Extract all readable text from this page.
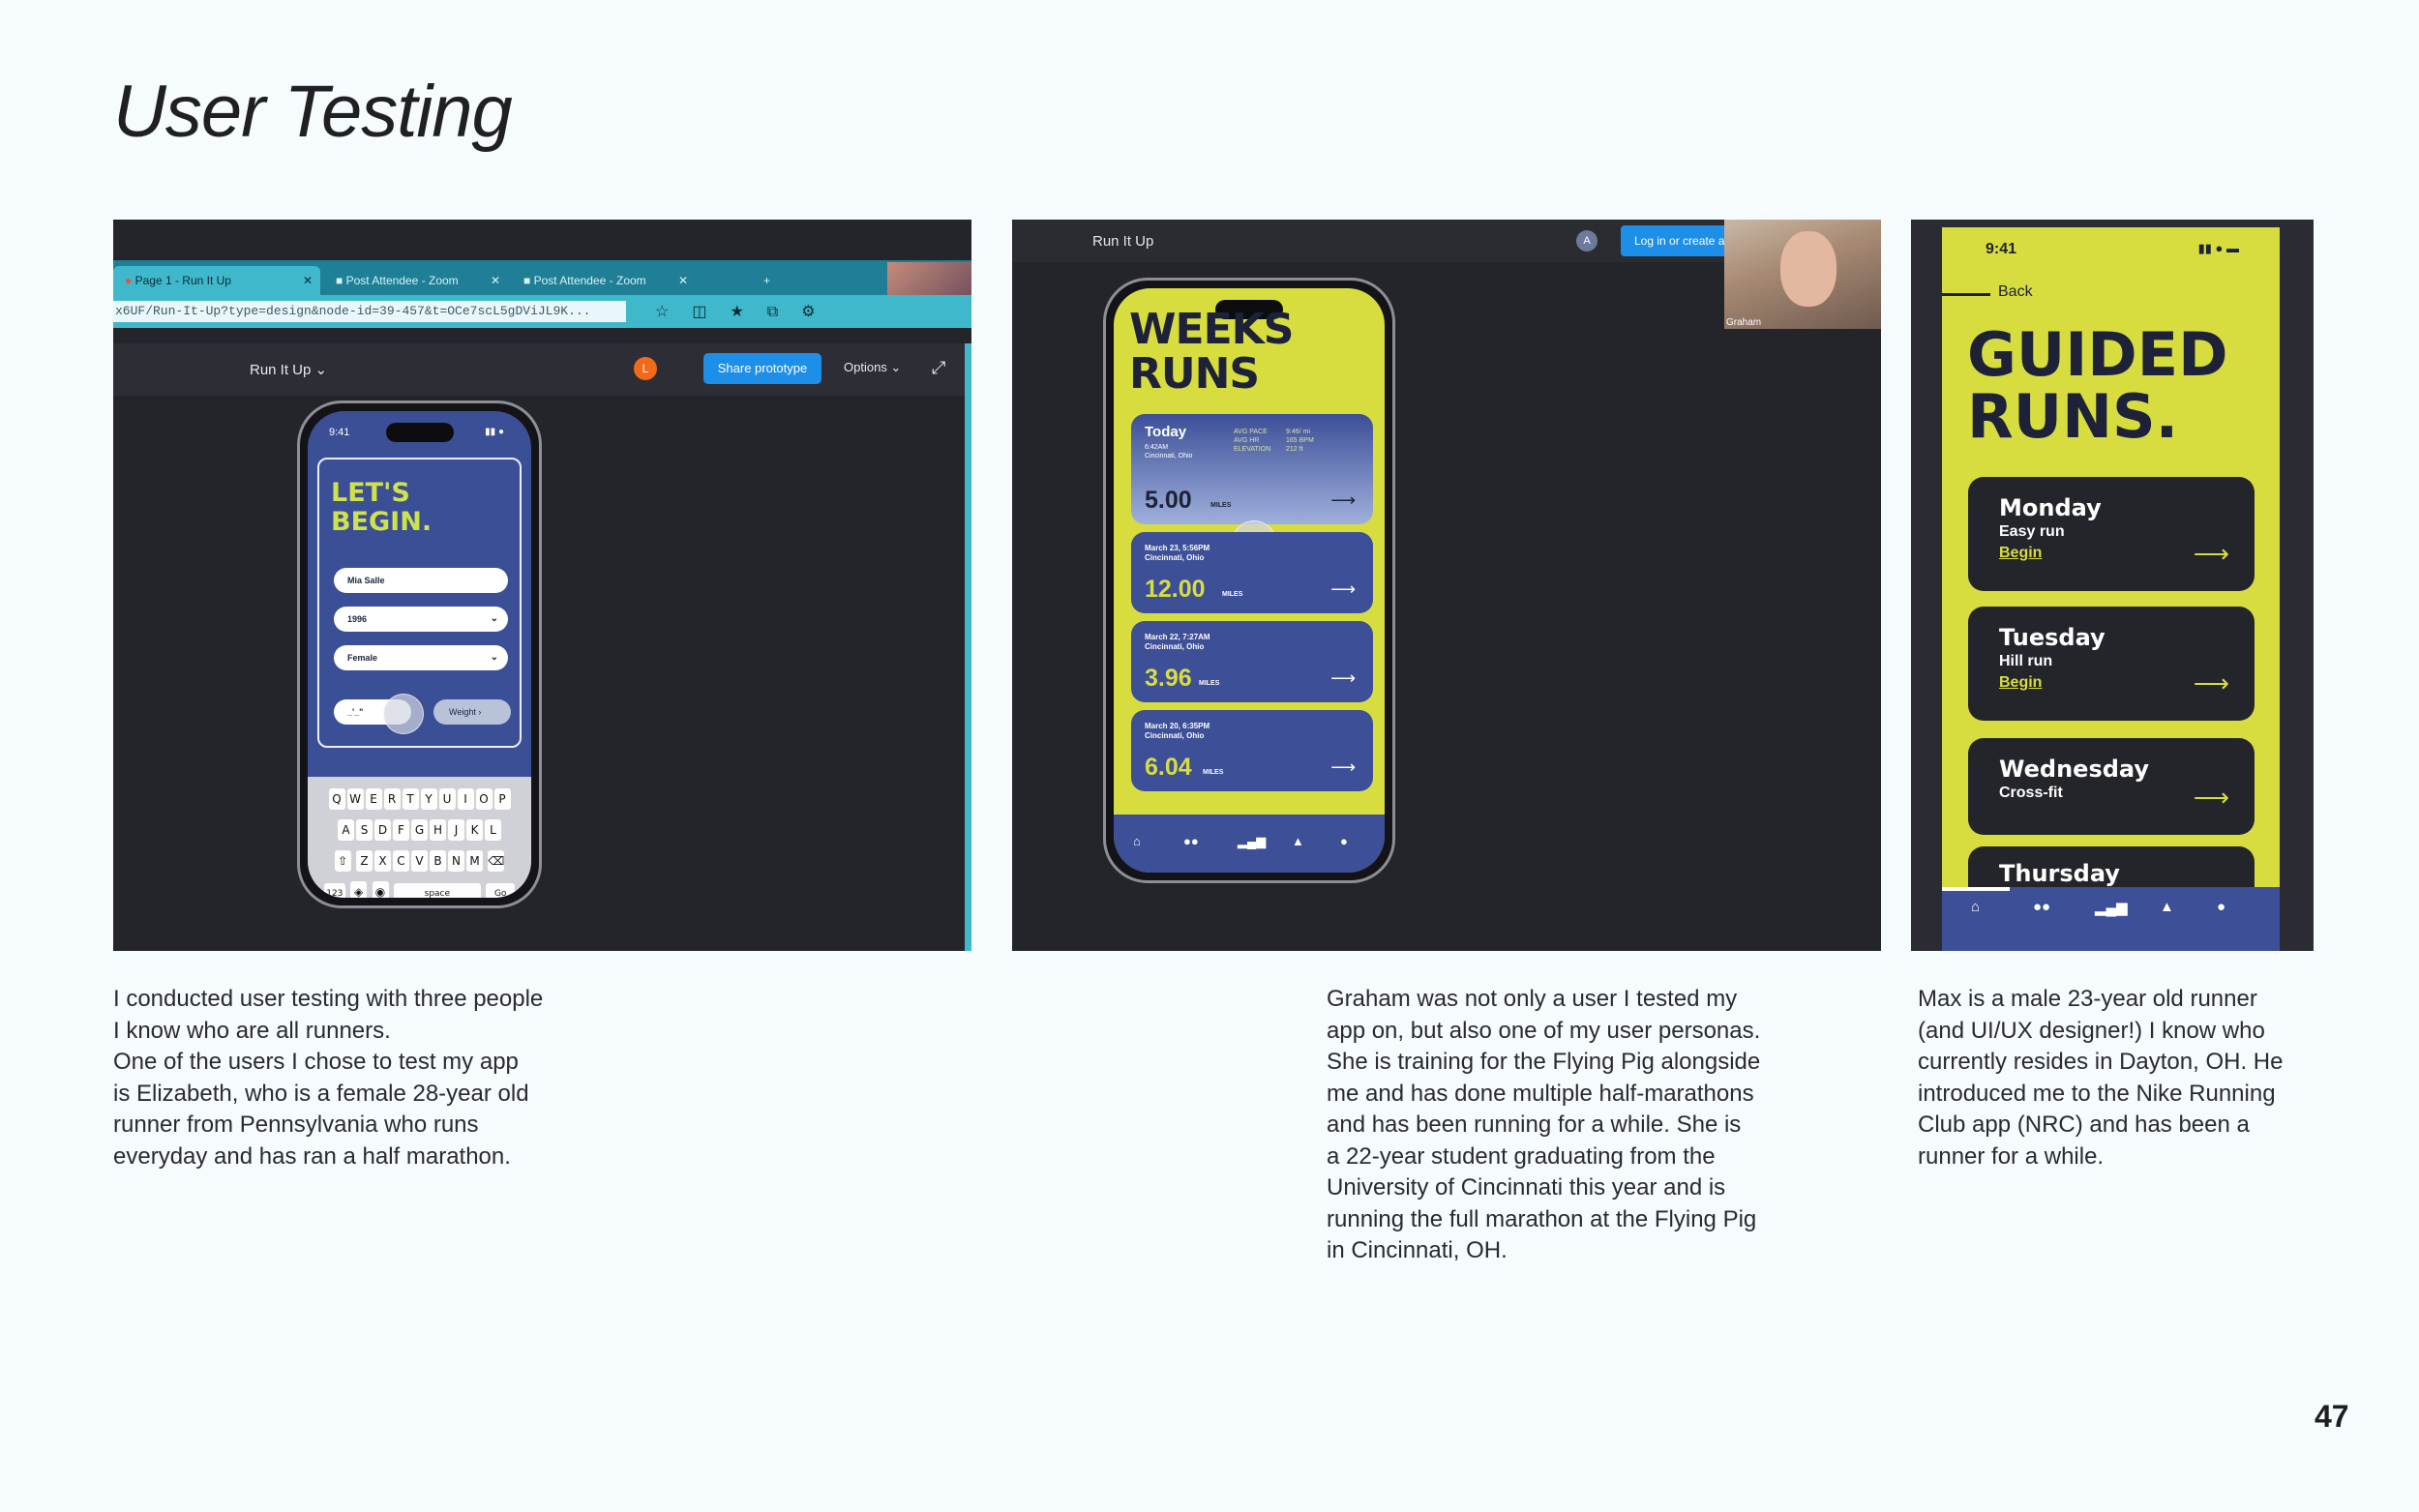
User Testing
● Page 1 - Run It Up	✕	■ Post Attendee - Zoom	✕	■ Post Attendee - Zoom	✕	+
x6UF/Run-It-Up?type=design&node-id=39-457&t=OCe7scL5gDViJL9K...	☆◫★⧉⚙
Run It Up ⌄	L	Share prototype	Options ⌄ ⤢
9:41	▮▮ ●
LET'S BEGIN.
Mia Salle
1996	⌄
Female	⌄
_'_"	Weight ›
Q W E R T Y U I O P
A S D F G H J K L
⇧ Z X C V B N M ⌫
123 ◈ ◉	space	Go
Run It Up	A	Log in or create a
Graham
WEEKS RUNS
Today
6:42AM
Cincinnati, Ohio
AVG PACE
AVG HR
ELEVATION
9:46/ mi
165 BPM
212 ft
5.00	MILES	⟶
March 23, 5:56PM
Cincinnati, Ohio
12.00 MILES	⟶
March 22, 7:27AM
Cincinnati, Ohio
3.96 MILES	⟶
March 20, 6:35PM
Cincinnati, Ohio
6.04 MILES	⟶
⌂	●●	▂▄▆ ▲	●
9:41	▮▮ ● ▬
Back
GUIDED RUNS.
Monday
Easy run
Begin	⟶
Tuesday
Hill run
Begin	⟶
Wednesday
Cross-fit	⟶
Thursday
⌂	●●	▂▄▆ ▲	●

I conducted user testing with three people
I know who are all runners.
One of the users I chose to test my app
is Elizabeth, who is a female 28-year old
runner from Pennsylvania who runs
everyday and has ran a half marathon.

Graham was not only a user I tested my
app on, but also one of my user personas.
She is training for the Flying Pig alongside
me and has done multiple half-marathons
and has been running for a while. She is
a 22-year student graduating from the
University of Cincinnati this year and is
running the full marathon at the Flying Pig
in Cincinnati, OH.

Max is a male 23-year old runner
(and UI/UX designer!) I know who
currently resides in Dayton, OH. He
introduced me to the Nike Running
Club app (NRC) and has been a
runner for a while.

47
